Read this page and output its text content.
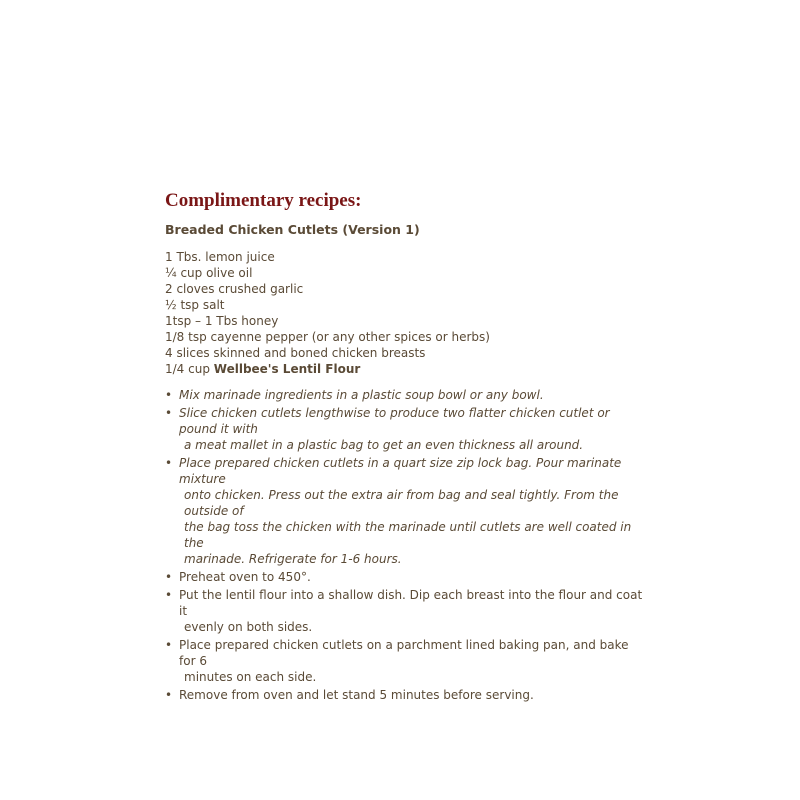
Complimentary recipes:
Breaded Chicken Cutlets (Version 1)
1 Tbs. lemon juice
¼ cup olive oil
2 cloves crushed garlic
½ tsp salt
1tsp – 1 Tbs honey
1/8 tsp cayenne pepper (or any other spices or herbs)
4 slices skinned and boned chicken breasts
1/4 cup Wellbee's Lentil Flour
• Mix marinade ingredients in a plastic soup bowl or any bowl.
• Slice chicken cutlets lengthwise to produce two flatter chicken cutlet or pound it with
a meat mallet in a plastic bag to get an even thickness all around.
• Place prepared chicken cutlets in a quart size zip lock bag. Pour marinate mixture
onto chicken. Press out the extra air from bag and seal tightly. From the outside of
the bag toss the chicken with the marinade until cutlets are well coated in the
marinade. Refrigerate for 1-6 hours.
• Preheat oven to 450°.
• Put the lentil flour into a shallow dish. Dip each breast into the flour and coat it
evenly on both sides.
• Place prepared chicken cutlets on a parchment lined baking pan, and bake for 6
minutes on each side.
• Remove from oven and let stand 5 minutes before serving.
